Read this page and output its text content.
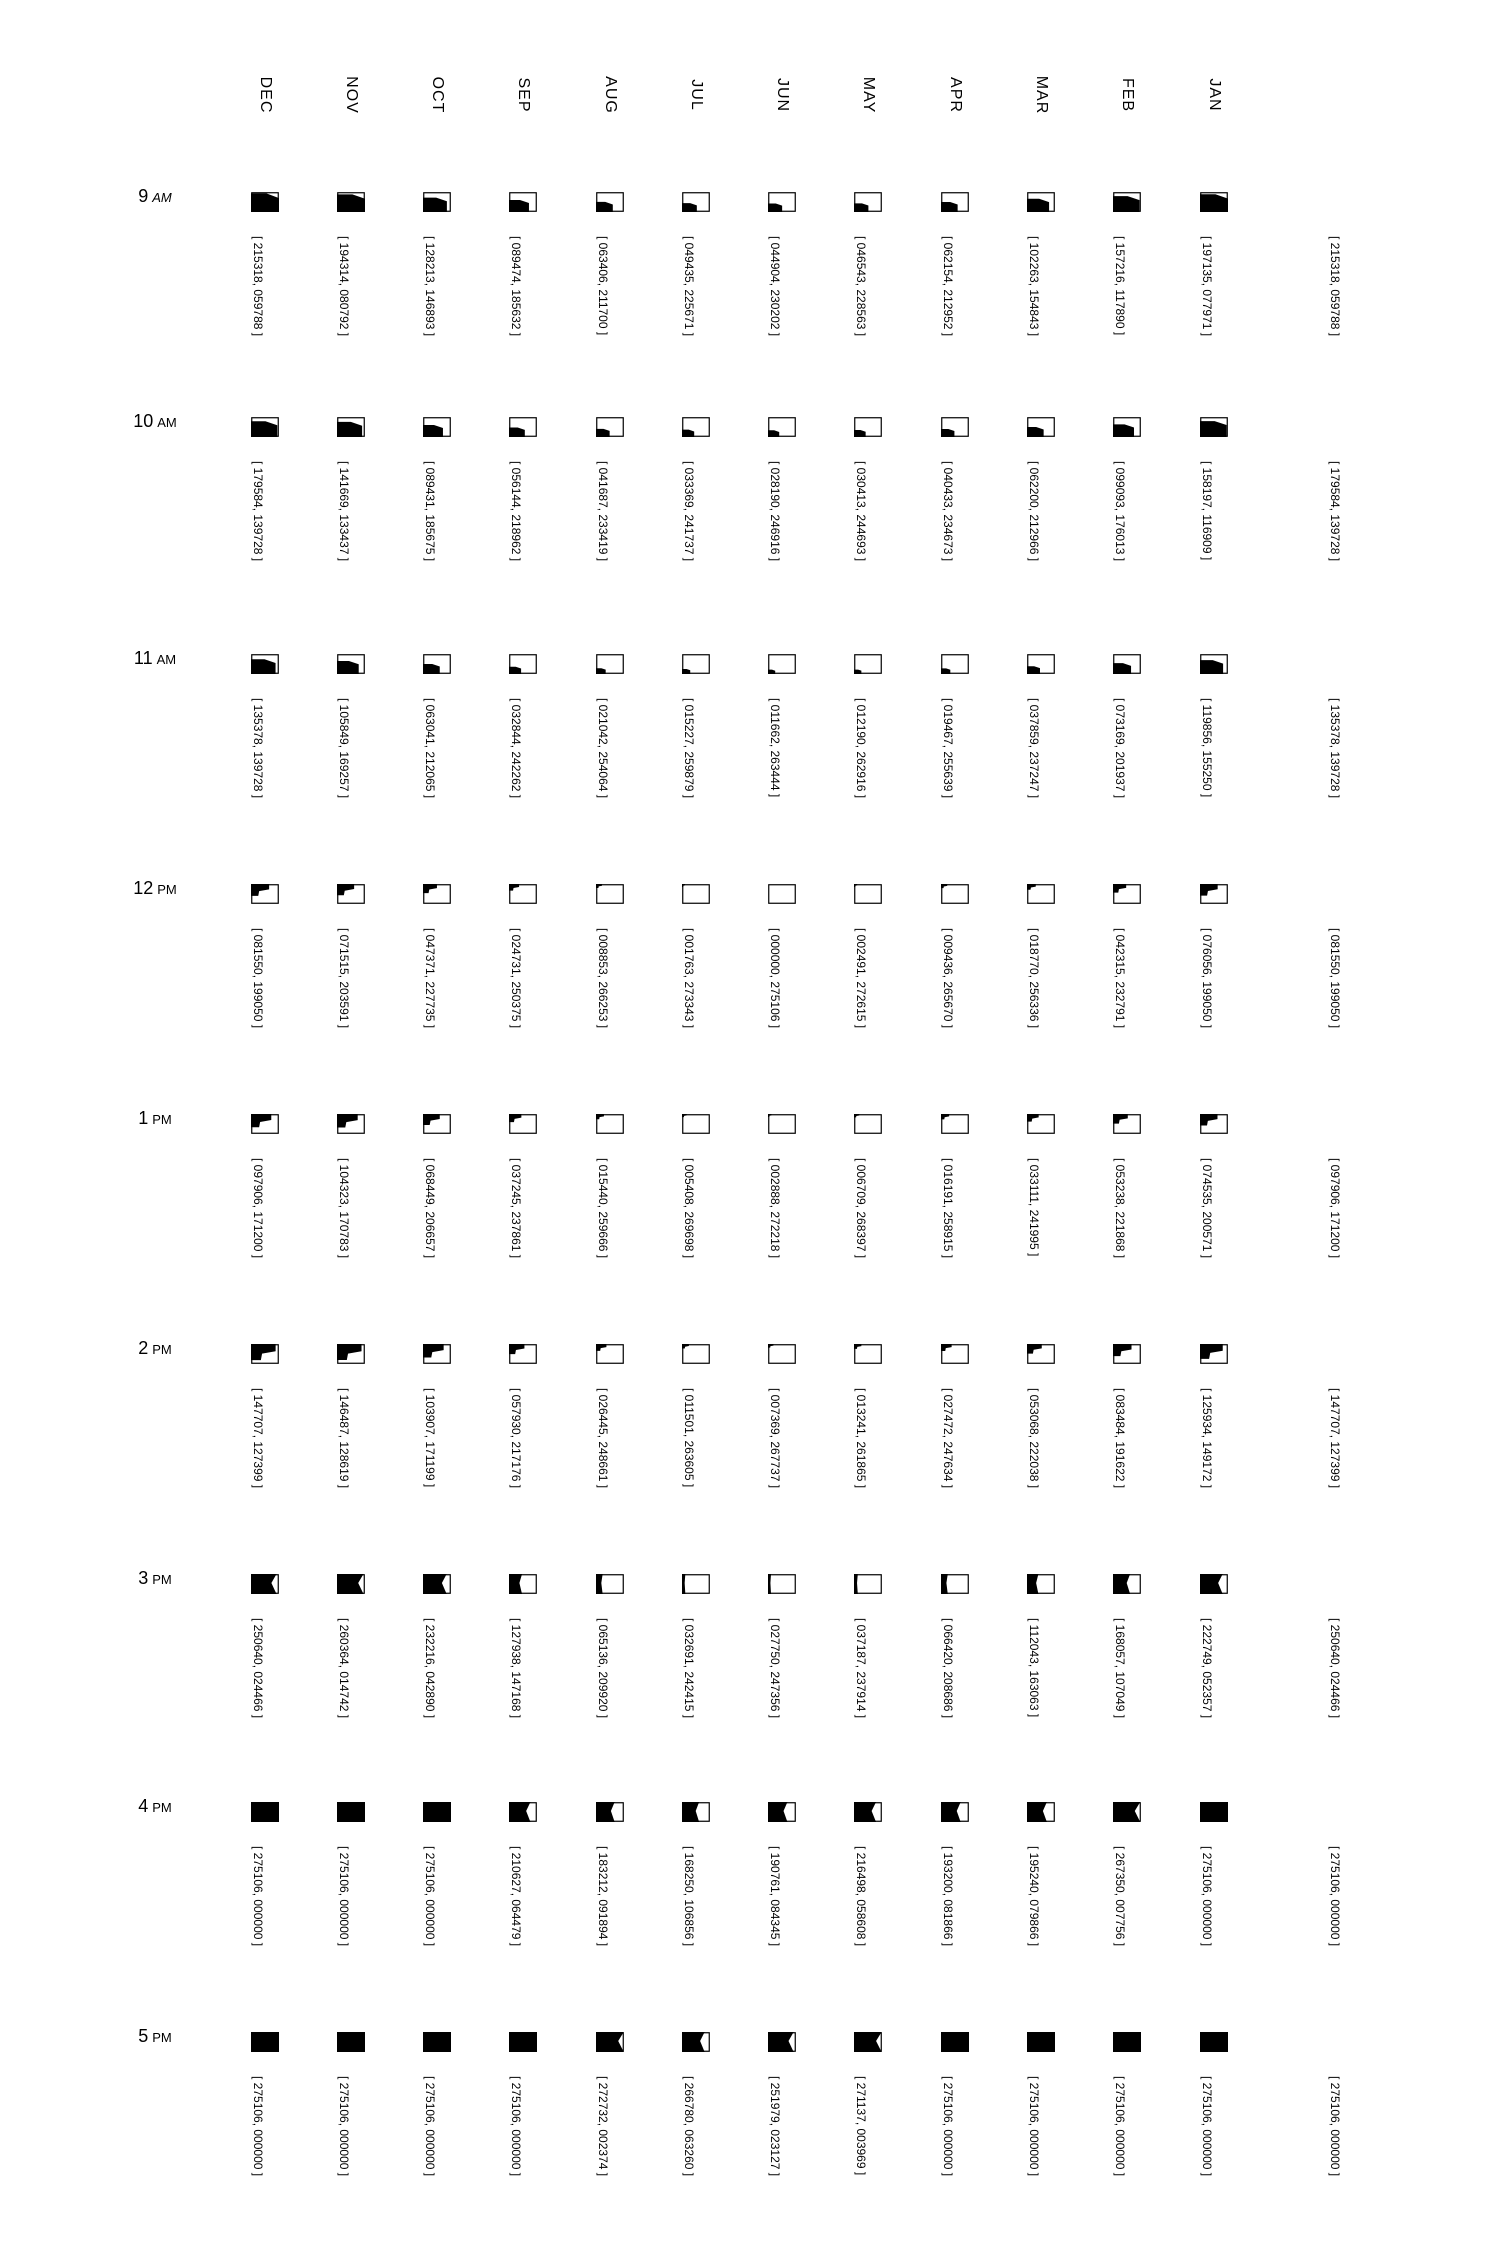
DEC	NOV	OCT	SEP	AUG	JUL	JUN	MAY	APR	MAR	FEB	JAN
9 AM
[ 215318, 059788 ]	[ 194314, 080792 ]	[ 128213, 146893 ]	[ 089474, 185632 ]	[ 063406, 211700 ]	[ 049435, 225671 ]	[ 044904, 230202 ]	[ 046543, 228563 ]	[ 062154, 212952 ]	[ 102263, 154843 ]	[ 157216, 117890 ]	[ 197135, 077971 ]	[ 215318, 059788 ]
10 AM
[ 179584, 139728 ]	[ 141669, 133437 ]	[ 089431, 185675 ]	[ 056144, 218962 ]	[ 041687, 233419 ]	[ 033369, 241737 ]	[ 028190, 246916 ]	[ 030413, 244693 ]	[ 040433, 234673 ]	[ 062200, 212966 ]	[ 099093, 176013 ]	[ 158197, 116909 ]	[ 179584, 139728 ]
11 AM
[ 135378, 139728 ]	[ 105849, 169257 ]	[ 063041, 212065 ]	[ 032844, 242262 ]	[ 021042, 254064 ]	[ 015227, 259879 ]	[ 011662, 263444 ]	[ 012190, 262916 ]	[ 019467, 255639 ]	[ 037859, 237247 ]	[ 073169, 201937 ]	[ 119856, 155250 ]	[ 135378, 139728 ]
12 PM
[ 081550, 199050 ]	[ 071515, 203591 ]	[ 047371, 227735 ]	[ 024731, 250375 ]	[ 008853, 266253 ]	[ 001763, 273343 ]	[ 000000, 275106 ]	[ 002491, 272615 ]	[ 009436, 265670 ]	[ 018770, 256336 ]	[ 042315, 232791 ]	[ 076056, 199050 ]	[ 081550, 199050 ]
1 PM
[ 097906, 171200 ]	[ 104323, 170783 ]	[ 068449, 206657 ]	[ 037245, 237861 ]	[ 015440, 259666 ]	[ 005408, 269698 ]	[ 002888, 272218 ]	[ 006709, 268397 ]	[ 016191, 258915 ]	[ 033111, 241995 ]	[ 053238, 221868 ]	[ 074535, 200571 ]	[ 097906, 171200 ]
2 PM
[ 147707, 127399 ]	[ 146487, 128619 ]	[ 103907, 171199 ]	[ 057930, 217176 ]	[ 026445, 248661 ]	[ 011501, 263605 ]	[ 007369, 267737 ]	[ 013241, 261865 ]	[ 027472, 247634 ]	[ 053068, 222038 ]	[ 083484, 191622 ]	[ 125934, 149172 ]	[ 147707, 127399 ]
3 PM
[ 250640, 024466 ]	[ 260364, 014742 ]	[ 232216, 042890 ]	[ 127938, 147168 ]	[ 065136, 209920 ]	[ 032691, 242415 ]	[ 027750, 247356 ]	[ 037187, 237914 ]	[ 066420, 208686 ]	[ 112043, 163063 ]	[ 168057, 107049 ]	[ 222749, 052357 ]	[ 250640, 024466 ]
4 PM
[ 275106, 000000 ]	[ 275106, 000000 ]	[ 275106, 000000 ]	[ 210627, 064479 ]	[ 183212, 091894 ]	[ 168250, 106856 ]	[ 190761, 084345 ]	[ 216498, 058608 ]	[ 193200, 081866 ]	[ 195240, 079866 ]	[ 267350, 007756 ]	[ 275106, 000000 ]	[ 275106, 000000 ]
5 PM
[ 275106, 000000 ]	[ 275106, 000000 ]	[ 275106, 000000 ]	[ 275106, 000000 ]	[ 272732, 002374 ]	[ 266780, 063260 ]	[ 251979, 023127 ]	[ 271137, 003969 ]	[ 275106, 000000 ]	[ 275106, 000000 ]	[ 275106, 000000 ]	[ 275106, 000000 ]	[ 275106, 000000 ]
